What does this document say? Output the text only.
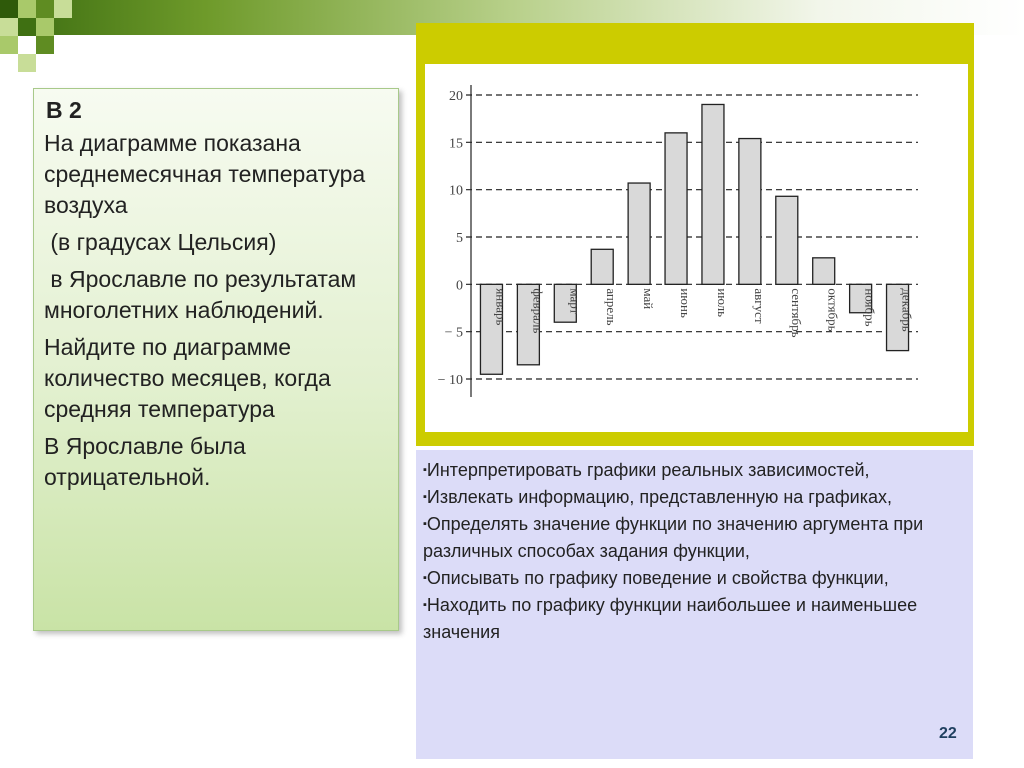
В 2

На диаграмме показана среднемесячная температура воздуха

(в градусах Цельсия)

в Ярославле по результатам многолетних наблюдений.

Найдите по диаграмме количество месяцев, когда средняя температура

В Ярославле была отрицательной.

20
15
10
5
0
− 5
− 10
январь февраль март апрель май июнь июль август сентябрь октябрь ноябрь декабрь

▪Интерпретировать графики реальных зависимостей,

▪Извлекать информацию, представленную на графиках,

▪Определять значение функции по значению аргумента при различных способах задания функции,

▪Описывать по графику поведение и свойства функции,

▪Находить по графику функции наибольшее и наименьшее значения

22
